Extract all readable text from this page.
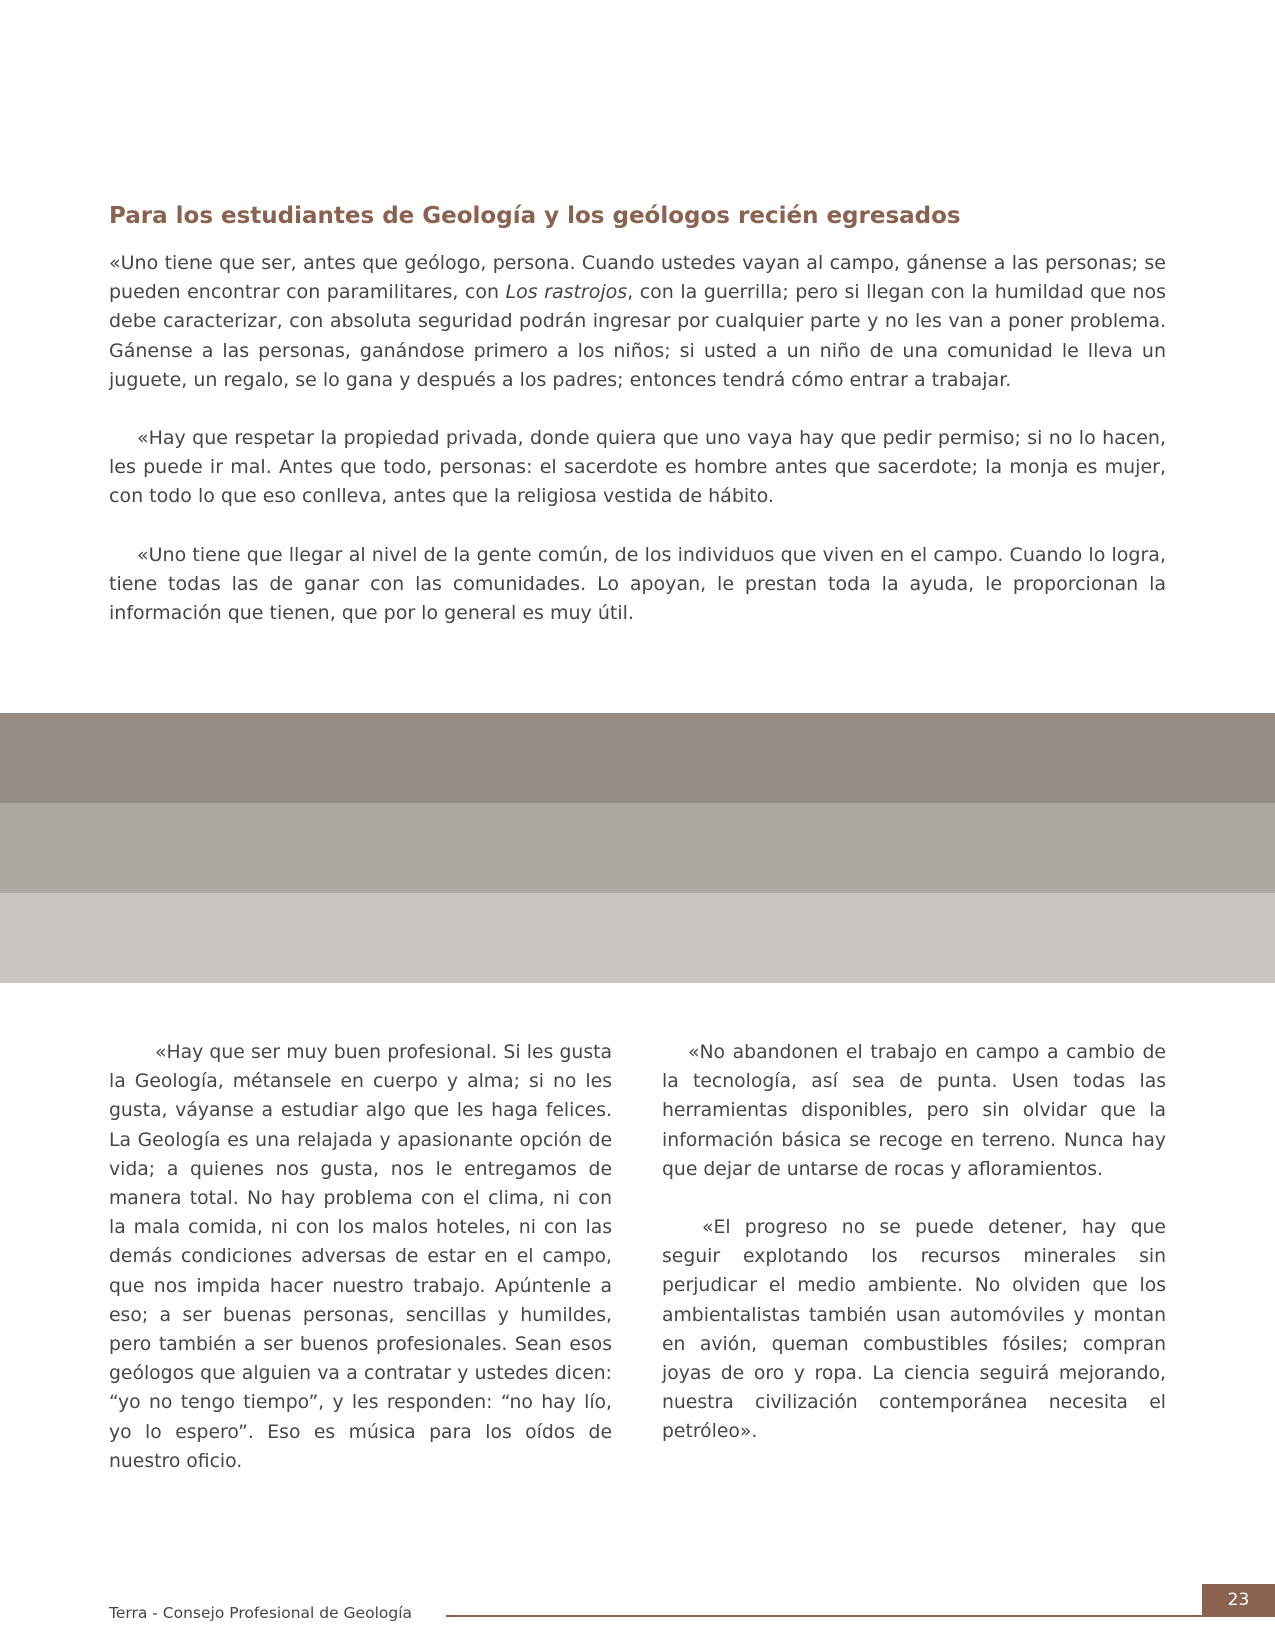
Para los estudiantes de Geología y los geólogos recién egresados

«Uno tiene que ser, antes que geólogo, persona. Cuando ustedes vayan al campo, gánense a las personas; se pueden encontrar con paramilitares, con Los rastrojos, con la guerrilla; pero si llegan con la humildad que nos debe caracterizar, con absoluta seguridad podrán ingresar por cualquier parte y no les van a poner problema. Gánense a las personas, ganándose primero a los niños; si usted a un niño de una comunidad le lleva un juguete, un regalo, se lo gana y después a los padres; entonces tendrá cómo entrar a trabajar.

«Hay que respetar la propiedad privada, donde quiera que uno vaya hay que pedir permiso; si no lo hacen, les puede ir mal. Antes que todo, personas: el sacerdote es hombre antes que sacerdote; la monja es mujer, con todo lo que eso conlleva, antes que la religiosa vestida de hábito.

«Uno tiene que llegar al nivel de la gente común, de los individuos que viven en el campo. Cuando lo logra, tiene todas las de ganar con las comunidades. Lo apoyan, le prestan toda la ayuda, le proporcionan la información que tienen, que por lo general es muy útil.

«Hay que ser muy buen profesional. Si les gusta la Geología, métansele en cuerpo y alma; si no les gusta, váyanse a estudiar algo que les haga felices. La Geología es una relajada y apasionante opción de vida; a quienes nos gusta, nos le entregamos de manera total. No hay problema con el clima, ni con la mala comida, ni con los malos hoteles, ni con las demás condiciones adversas de estar en el campo, que nos impida hacer nuestro trabajo. Apúntenle a eso; a ser buenas personas, sencillas y humildes, pero también a ser buenos profesionales. Sean esos geólogos que alguien va a contratar y ustedes dicen: “yo no tengo tiempo”, y les responden: “no hay lío, yo lo espero”. Eso es música para los oídos de nuestro oficio.

«No abandonen el trabajo en campo a cambio de la tecnología, así sea de punta. Usen todas las herramientas disponibles, pero sin olvidar que la información básica se recoge en terreno. Nunca hay que dejar de untarse de rocas y afloramientos.

«El progreso no se puede detener, hay que seguir explotando los recursos minerales sin perjudicar el medio ambiente. No olviden que los ambientalistas también usan automóviles y montan en avión, queman combustibles fósiles; compran joyas de oro y ropa. La ciencia seguirá mejorando, nuestra civilización contemporánea necesita el petróleo».

Terra - Consejo Profesional de Geología
23
